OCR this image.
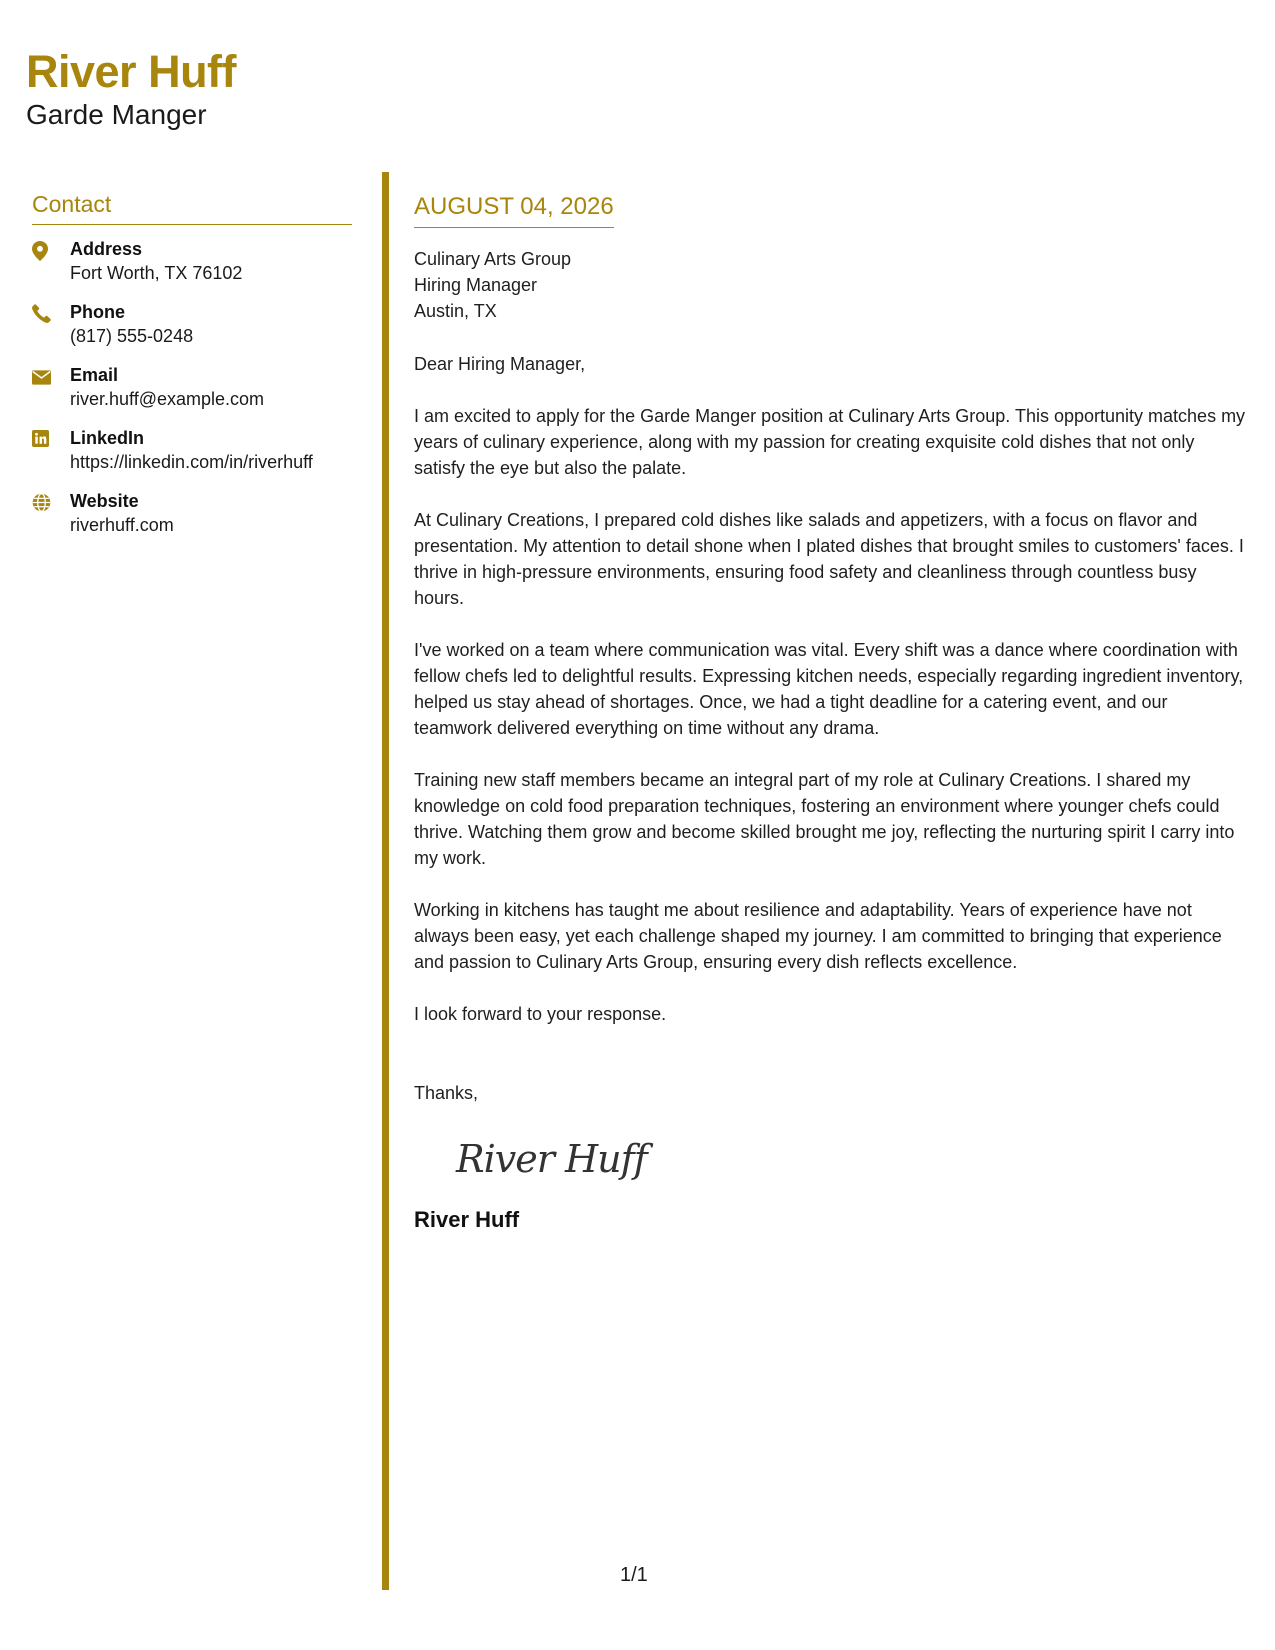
River Huff
Garde Manger
Contact
Address
Fort Worth, TX 76102
Phone
(817) 555-0248
Email
river.huff@example.com
LinkedIn
https://linkedin.com/in/riverhuff
Website
riverhuff.com
AUGUST 04, 2026
Culinary Arts Group
Hiring Manager
Austin, TX
Dear Hiring Manager,
I am excited to apply for the Garde Manger position at Culinary Arts Group. This opportunity matches my years of culinary experience, along with my passion for creating exquisite cold dishes that not only satisfy the eye but also the palate.
At Culinary Creations, I prepared cold dishes like salads and appetizers, with a focus on flavor and presentation. My attention to detail shone when I plated dishes that brought smiles to customers' faces. I thrive in high-pressure environments, ensuring food safety and cleanliness through countless busy hours.
I've worked on a team where communication was vital. Every shift was a dance where coordination with fellow chefs led to delightful results. Expressing kitchen needs, especially regarding ingredient inventory, helped us stay ahead of shortages. Once, we had a tight deadline for a catering event, and our teamwork delivered everything on time without any drama.
Training new staff members became an integral part of my role at Culinary Creations. I shared my knowledge on cold food preparation techniques, fostering an environment where younger chefs could thrive. Watching them grow and become skilled brought me joy, reflecting the nurturing spirit I carry into my work.
Working in kitchens has taught me about resilience and adaptability. Years of experience have not always been easy, yet each challenge shaped my journey. I am committed to bringing that experience and passion to Culinary Arts Group, ensuring every dish reflects excellence.
I look forward to your response.
Thanks,
River Huff
River Huff
1/1
